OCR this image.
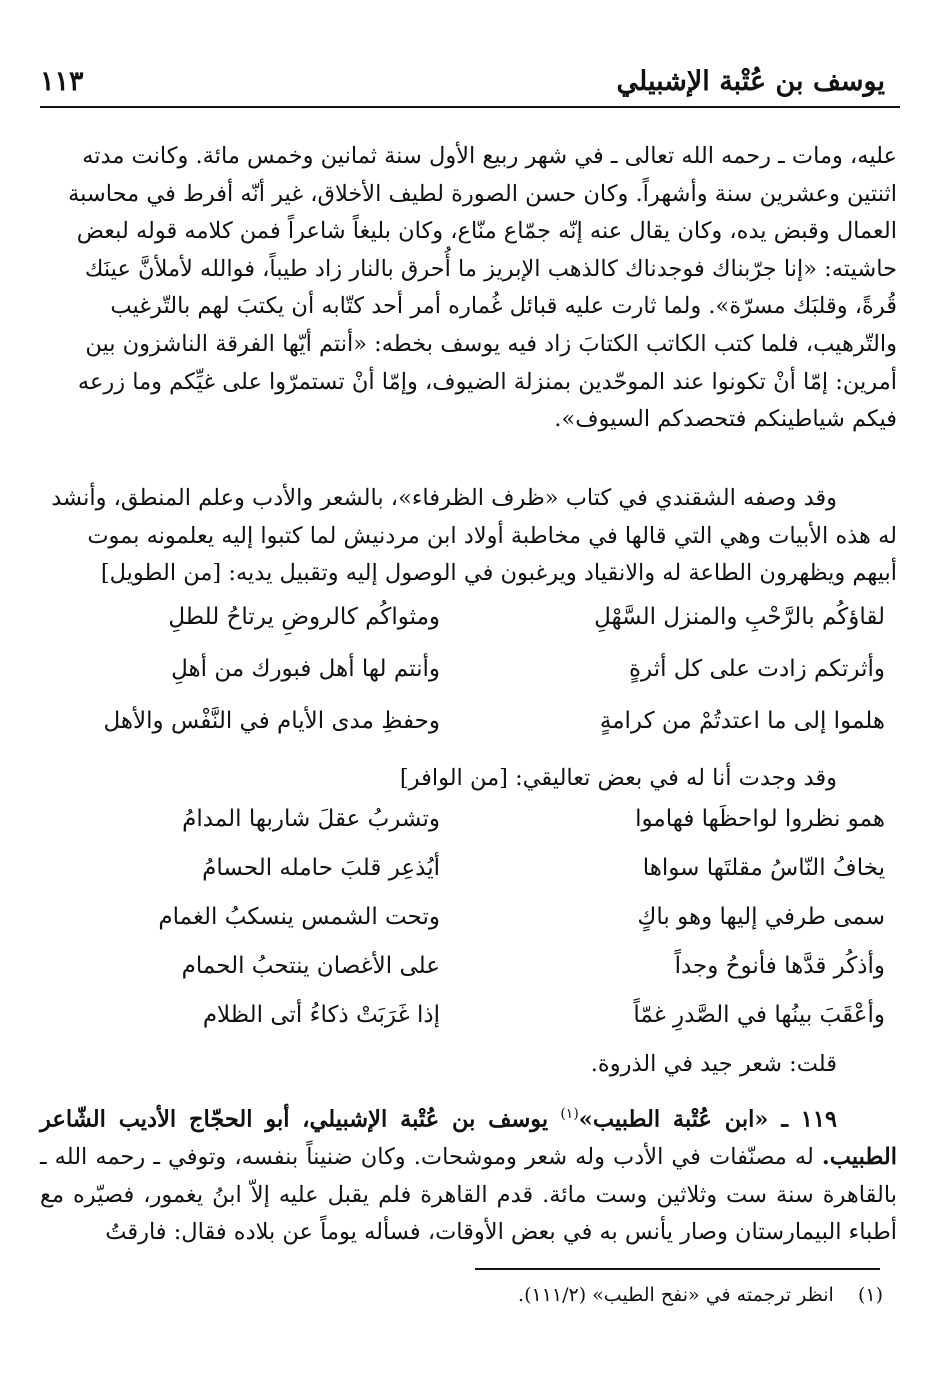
يوسف بن عُتْبة الإشبيلي
١١٣

عليه، ومات ـ رحمه الله تعالى ـ في شهر ربيع الأول سنة ثمانين وخمس مائة. وكانت مدته

اثنتين وعشرين سنة وأشهراً. وكان حسن الصورة لطيف الأخلاق، غير أنّه أفرط في محاسبة

العمال وقبض يده، وكان يقال عنه إنّه جمّاع منّاع، وكان بليغاً شاعراً فمن كلامه قوله لبعض

حاشيته: «إنا جرّبناك فوجدناك كالذهب الإبريز ما أُحرق بالنار زاد طيباً، فوالله لأملأنَّ عينَك

قُرةً، وقلبَك مسرّة». ولما ثارت عليه قبائل غُماره أمر أحد كتّابه أن يكتبَ لهم بالتّرغيب

والتّرهيب، فلما كتب الكاتب الكتابَ زاد فيه يوسف بخطه: «أنتم أيّها الفرقة الناشزون بين

أمرين: إمّا أنْ تكونوا عند الموحّدين بمنزلة الضيوف، وإمّا أنْ تستمرّوا على غيِّكم وما زرعه

فيكم شياطينكم فتحصدكم السيوف».

وقد وصفه الشقندي في كتاب «ظرف الظرفاء»، بالشعر والأدب وعلم المنطق، وأنشد

له هذه الأبيات وهي التي قالها في مخاطبة أولاد ابن مردنيش لما كتبوا إليه يعلمونه بموت

أبيهم ويظهرون الطاعة له والانقياد ويرغبون في الوصول إليه وتقبيل يديه: [من الطويل]

لقاؤكُم بالرَّحْبِ والمنزل السَّهْلِ
ومثواكُم كالروضِ يرتاحُ للطلِ
وأثرتكم زادت على كل أثرةٍ
وأنتم لها أهل فبورك من أهلِ
هلموا إلى ما اعتدتُمْ من كرامةٍ
وحفظِ مدى الأيام في النَّفْس والأهل

وقد وجدت أنا له في بعض تعاليقي: [من الوافر]

همو نظروا لواحظَها فهاموا
وتشربُ عقلَ شاربها المدامُ
يخافُ النّاسُ مقلتَها سواها
أيُذعِر قلبَ حامله الحسامُ
سمى طرفي إليها وهو باكٍ
وتحت الشمس ينسكبُ الغمام
وأذكُر قدَّها فأنوحُ وجداً
على الأغصان ينتحبُ الحمام
وأعْقَبَ بينُها في الصَّدرِ غمّاً
إذا غَرَبَتْ ذكاءُ أتى الظلام

قلت: شعر جيد في الذروة.

١١٩ ـ «ابن عُتْبة الطبيب»$^{(١)}$ يوسف بن عُتْبة الإشبيلي، أبو الحجّاج الأديب الشّاعر الطبيب. له مصنّفات في الأدب وله شعر وموشحات. وكان ضنيناً بنفسه، وتوفي ـ رحمه الله ـ بالقاهرة سنة ست وثلاثين وست مائة. قدم القاهرة فلم يقبل عليه إلاّ ابنُ يغمور، فصيّره مع أطباء البيمارستان وصار يأنس به في بعض الأوقات، فسأله يوماً عن بلاده فقال: فارقتُ

(١)    انظر ترجمته في «نفح الطيب» (١١١/٢).
